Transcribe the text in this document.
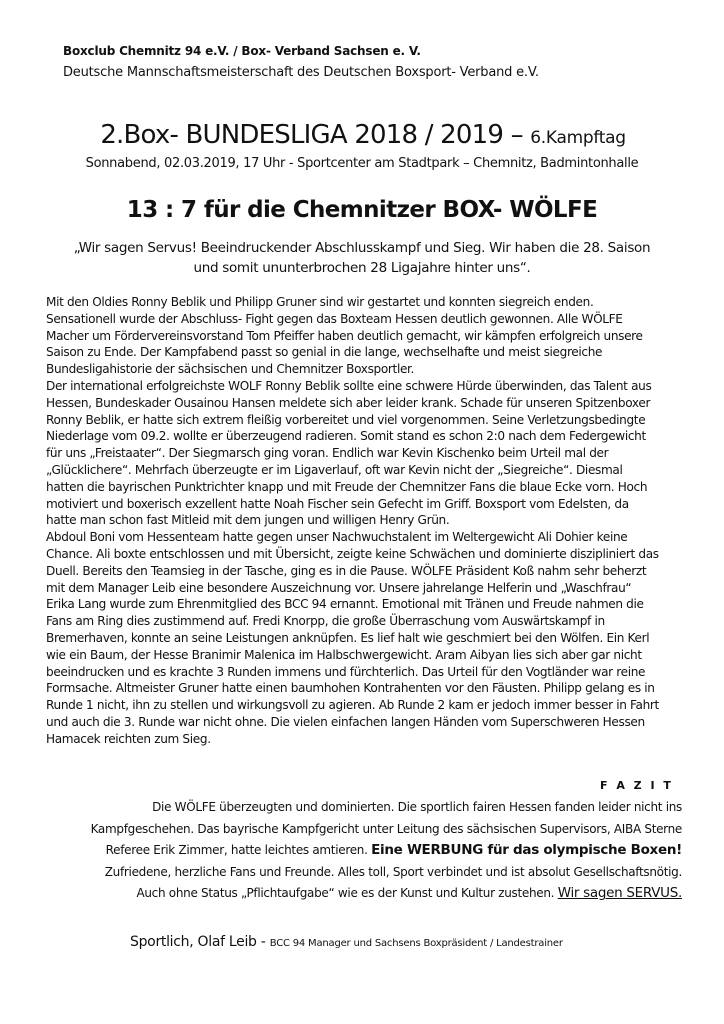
Boxclub Chemnitz 94 e.V. / Box- Verband Sachsen e. V.
Deutsche Mannschaftsmeisterschaft des Deutschen Boxsport- Verband e.V.
2.Box- BUNDESLIGA 2018 / 2019 – 6.Kampftag
Sonnabend, 02.03.2019, 17 Uhr - Sportcenter am Stadtpark – Chemnitz, Badmintonhalle
13 : 7 für die Chemnitzer BOX- WÖLFE
„Wir sagen Servus! Beeindruckender Abschlusskampf und Sieg. Wir haben die 28. Saison
und somit ununterbrochen 28 Ligajahre hinter uns“.
Mit den Oldies Ronny Beblik und Philipp Gruner sind wir gestartet und konnten siegreich enden.
Sensationell wurde der Abschluss- Fight gegen das Boxteam Hessen deutlich gewonnen. Alle WÖLFE
Macher um Fördervereinsvorstand Tom Pfeiffer haben deutlich gemacht, wir kämpfen erfolgreich unsere
Saison zu Ende. Der Kampfabend passt so genial in die lange, wechselhafte und meist siegreiche
Bundesligahistorie der sächsischen und Chemnitzer Boxsportler.
Der international erfolgreichste WOLF Ronny Beblik sollte eine schwere Hürde überwinden, das Talent aus
Hessen, Bundeskader Ousainou Hansen meldete sich aber leider krank. Schade für unseren Spitzenboxer
Ronny Beblik, er hatte sich extrem fleißig vorbereitet und viel vorgenommen. Seine Verletzungsbedingte
Niederlage vom 09.2. wollte er überzeugend radieren. Somit stand es schon 2:0 nach dem Federgewicht
für uns „Freistaater“. Der Siegmarsch ging voran. Endlich war Kevin Kischenko beim Urteil mal der
„Glücklichere“. Mehrfach überzeugte er im Ligaverlauf, oft war Kevin nicht der „Siegreiche“. Diesmal
hatten die bayrischen Punktrichter knapp und mit Freude der Chemnitzer Fans die blaue Ecke vorn. Hoch
motiviert und boxerisch exzellent hatte Noah Fischer sein Gefecht im Griff. Boxsport vom Edelsten, da
hatte man schon fast Mitleid mit dem jungen und willigen Henry Grün.
Abdoul Boni vom Hessenteam hatte gegen unser Nachwuchstalent im Weltergewicht Ali Dohier keine
Chance. Ali boxte entschlossen und mit Übersicht, zeigte keine Schwächen und dominierte diszipliniert das
Duell. Bereits den Teamsieg in der Tasche, ging es in die Pause. WÖLFE Präsident Koß nahm sehr beherzt
mit dem Manager Leib eine besondere Auszeichnung vor. Unsere jahrelange Helferin und „Waschfrau“
Erika Lang wurde zum Ehrenmitglied des BCC 94 ernannt. Emotional mit Tränen und Freude nahmen die
Fans am Ring dies zustimmend auf. Fredi Knorpp, die große Überraschung vom Auswärtskampf in
Bremerhaven, konnte an seine Leistungen anknüpfen. Es lief halt wie geschmiert bei den Wölfen. Ein Kerl
wie ein Baum, der Hesse Branimir Malenica im Halbschwergewicht. Aram Aibyan lies sich aber gar nicht
beeindrucken und es krachte 3 Runden immens und fürchterlich. Das Urteil für den Vogtländer war reine
Formsache. Altmeister Gruner hatte einen baumhohen Kontrahenten vor den Fäusten. Philipp gelang es in
Runde 1 nicht, ihn zu stellen und wirkungsvoll zu agieren. Ab Runde 2 kam er jedoch immer besser in Fahrt
und auch die 3. Runde war nicht ohne. Die vielen einfachen langen Händen vom Superschweren Hessen
Hamacek reichten zum Sieg.
F A Z I T
Die WÖLFE überzeugten und dominierten. Die sportlich fairen Hessen fanden leider nicht ins
Kampfgeschehen. Das bayrische Kampfgericht unter Leitung des sächsischen Supervisors, AIBA Sterne
Referee Erik Zimmer, hatte leichtes amtieren. Eine WERBUNG für das olympische Boxen!
Zufriedene, herzliche Fans und Freunde. Alles toll, Sport verbindet und ist absolut Gesellschaftsnötig.
Auch ohne Status „Pflichtaufgabe“ wie es der Kunst und Kultur zustehen. Wir sagen SERVUS.
Sportlich, Olaf Leib - BCC 94 Manager und Sachsens Boxpräsident / Landestrainer
